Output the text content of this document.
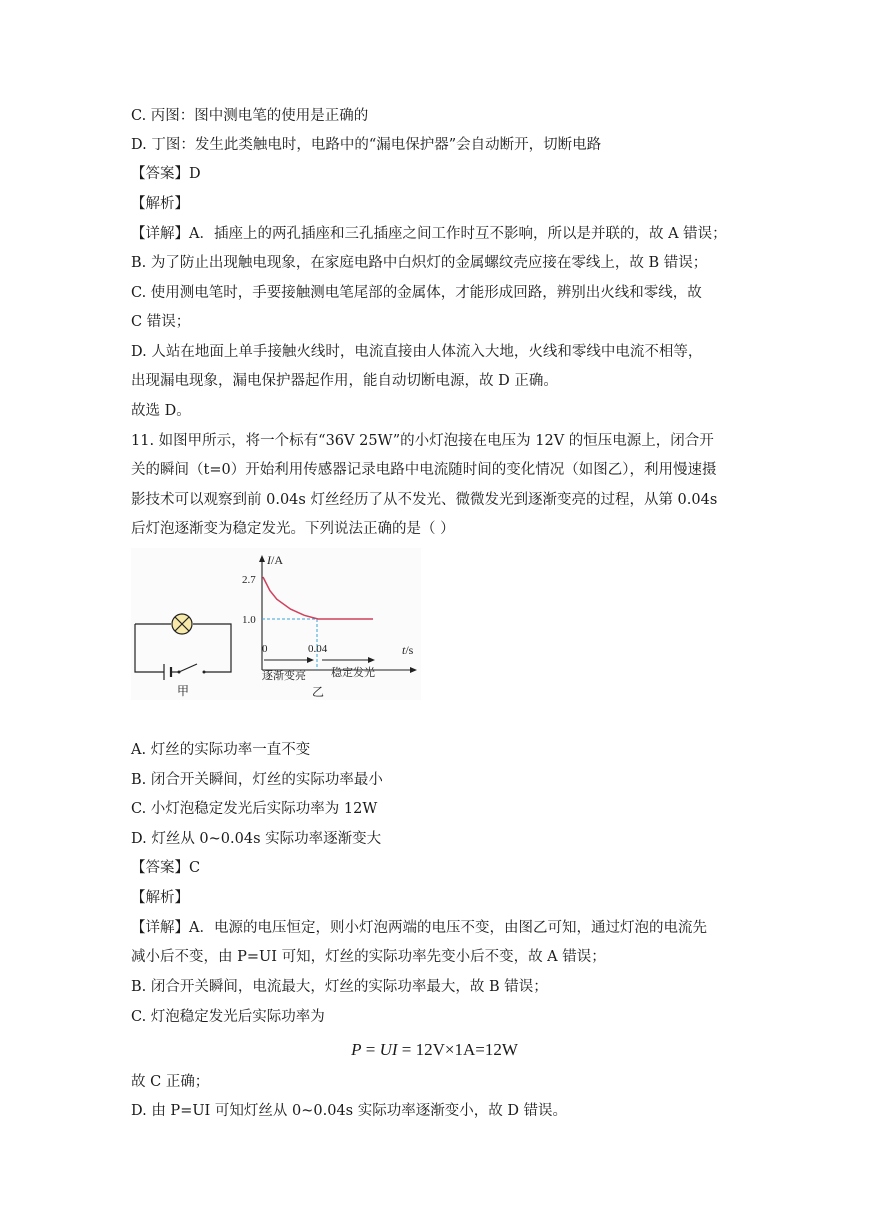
C. 丙图：图中测电笔的使用是正确的
D. 丁图：发生此类触电时，电路中的“漏电保护器”会自动断开，切断电路
【答案】D
【解析】
【详解】A．插座上的两孔插座和三孔插座之间工作时互不影响，所以是并联的，故 A 错误；
B. 为了防止出现触电现象，在家庭电路中白炽灯的金属螺纹壳应接在零线上，故 B 错误；
C. 使用测电笔时，手要接触测电笔尾部的金属体，才能形成回路，辨别出火线和零线，故
C 错误；
D. 人站在地面上单手接触火线时，电流直接由人体流入大地，火线和零线中电流不相等，
出现漏电现象，漏电保护器起作用，能自动切断电源，故 D 正确。
故选 D。
11. 如图甲所示，将一个标有“36V 25W”的小灯泡接在电压为 12V 的恒压电源上，闭合开
关的瞬间（t=0）开始利用传感器记录电路中电流随时间的变化情况（如图乙），利用慢速摄
影技术可以观察到前 0.04s 灯丝经历了从不发光、微微发光到逐渐变亮的过程，从第 0.04s
后灯泡逐渐变为稳定发光。下列说法正确的是（ ）
甲
I/A
2.7
1.0
0	0.04	t/s
逐渐变亮 稳定发光
乙
A. 灯丝的实际功率一直不变
B. 闭合开关瞬间，灯丝的实际功率最小
C. 小灯泡稳定发光后实际功率为 12W
D. 灯丝从 0~0.04s 实际功率逐渐变大
【答案】C
【解析】
【详解】A．电源的电压恒定，则小灯泡两端的电压不变，由图乙可知，通过灯泡的电流先
减小后不变，由 P=UI 可知，灯丝的实际功率先变小后不变，故 A 错误；
B. 闭合开关瞬间，电流最大，灯丝的实际功率最大，故 B 错误；
C. 灯泡稳定发光后实际功率为
P = UI = 12V×1A=12W
故 C 正确；
D. 由 P=UI 可知灯丝从 0~0.04s 实际功率逐渐变小，故 D 错误。
